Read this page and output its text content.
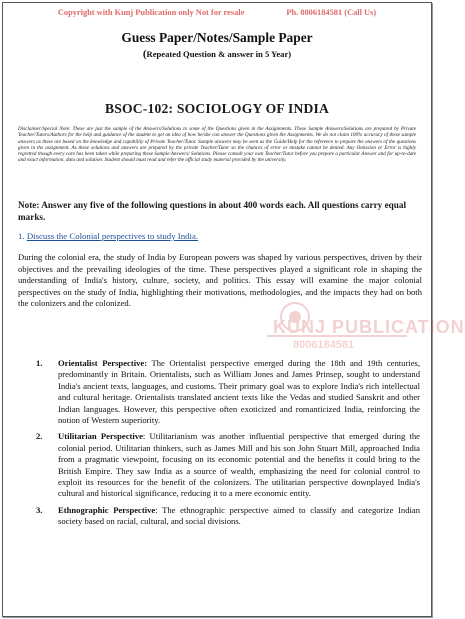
Copyright with Kunj Publication only Not for resale	Ph. 8006184581 (Call Us)
Guess Paper/Notes/Sample Paper
(Repeated Question & answer in 5 Year)
BSOC-102: SOCIOLOGY OF INDIA

Disclaimer/Special Note: These are just the sample of the Answers/Solutions to some of the Questions given in the Assignments. These Sample Answers/Solutions are prepared by Private Teacher/Tutors/Authors for the help and guidance of the student to get an idea of how he/she can answer the Questions given the Assignments. We do not claim 100% accuracy of these sample answers as these are based on the knowledge and capability of Private Teacher/Tutor. Sample answers may be seen as the Guide/Help for the reference to prepare the answers of the questions given in the assignment. As these solutions and answers are prepared by the private Teacher/Tutor so the chances of error or mistake cannot be denied. Any Omission or Error is highly regretted though every care has been taken while preparing these Sample Answers/ Solutions. Please consult your own Teacher/Tutor before you prepare a particular Answer and for up-to-date and exact information, data and solution. Student should must read and refer the official study material provided by the university.

Note: Answer any five of the following questions in about 400 words each. All questions carry equal marks.
1. Discuss the Colonial perspectives to study India.
KUNJ PUBLICATION
8006184581
During the colonial era, the study of India by European powers was shaped by various perspectives, driven by their objectives and the prevailing ideologies of the time. These perspectives played a significant role in shaping the understanding of India's history, culture, society, and politics. This essay will examine the major colonial perspectives on the study of India, highlighting their motivations, methodologies, and the impacts they had on both the colonizers and the colonized.
1. Orientalist Perspective: The Orientalist perspective emerged during the 18th and 19th centuries, predominantly in Britain. Orientalists, such as William Jones and James Prinsep, sought to understand India's ancient texts, languages, and customs. Their primary goal was to explore India's rich intellectual and cultural heritage. Orientalists translated ancient texts like the Vedas and studied Sanskrit and other Indian languages. However, this perspective often exoticized and romanticized India, reinforcing the notion of Western superiority.
2. Utilitarian Perspective: Utilitarianism was another influential perspective that emerged during the colonial period. Utilitarian thinkers, such as James Mill and his son John Stuart Mill, approached India from a pragmatic viewpoint, focusing on its economic potential and the benefits it could bring to the British Empire. They saw India as a source of wealth, emphasizing the need for colonial control to exploit its resources for the benefit of the colonizers. The utilitarian perspective downplayed India's cultural and historical significance, reducing it to a mere economic entity.
3. Ethnographic Perspective: The ethnographic perspective aimed to classify and categorize Indian society based on racial, cultural, and social divisions.
